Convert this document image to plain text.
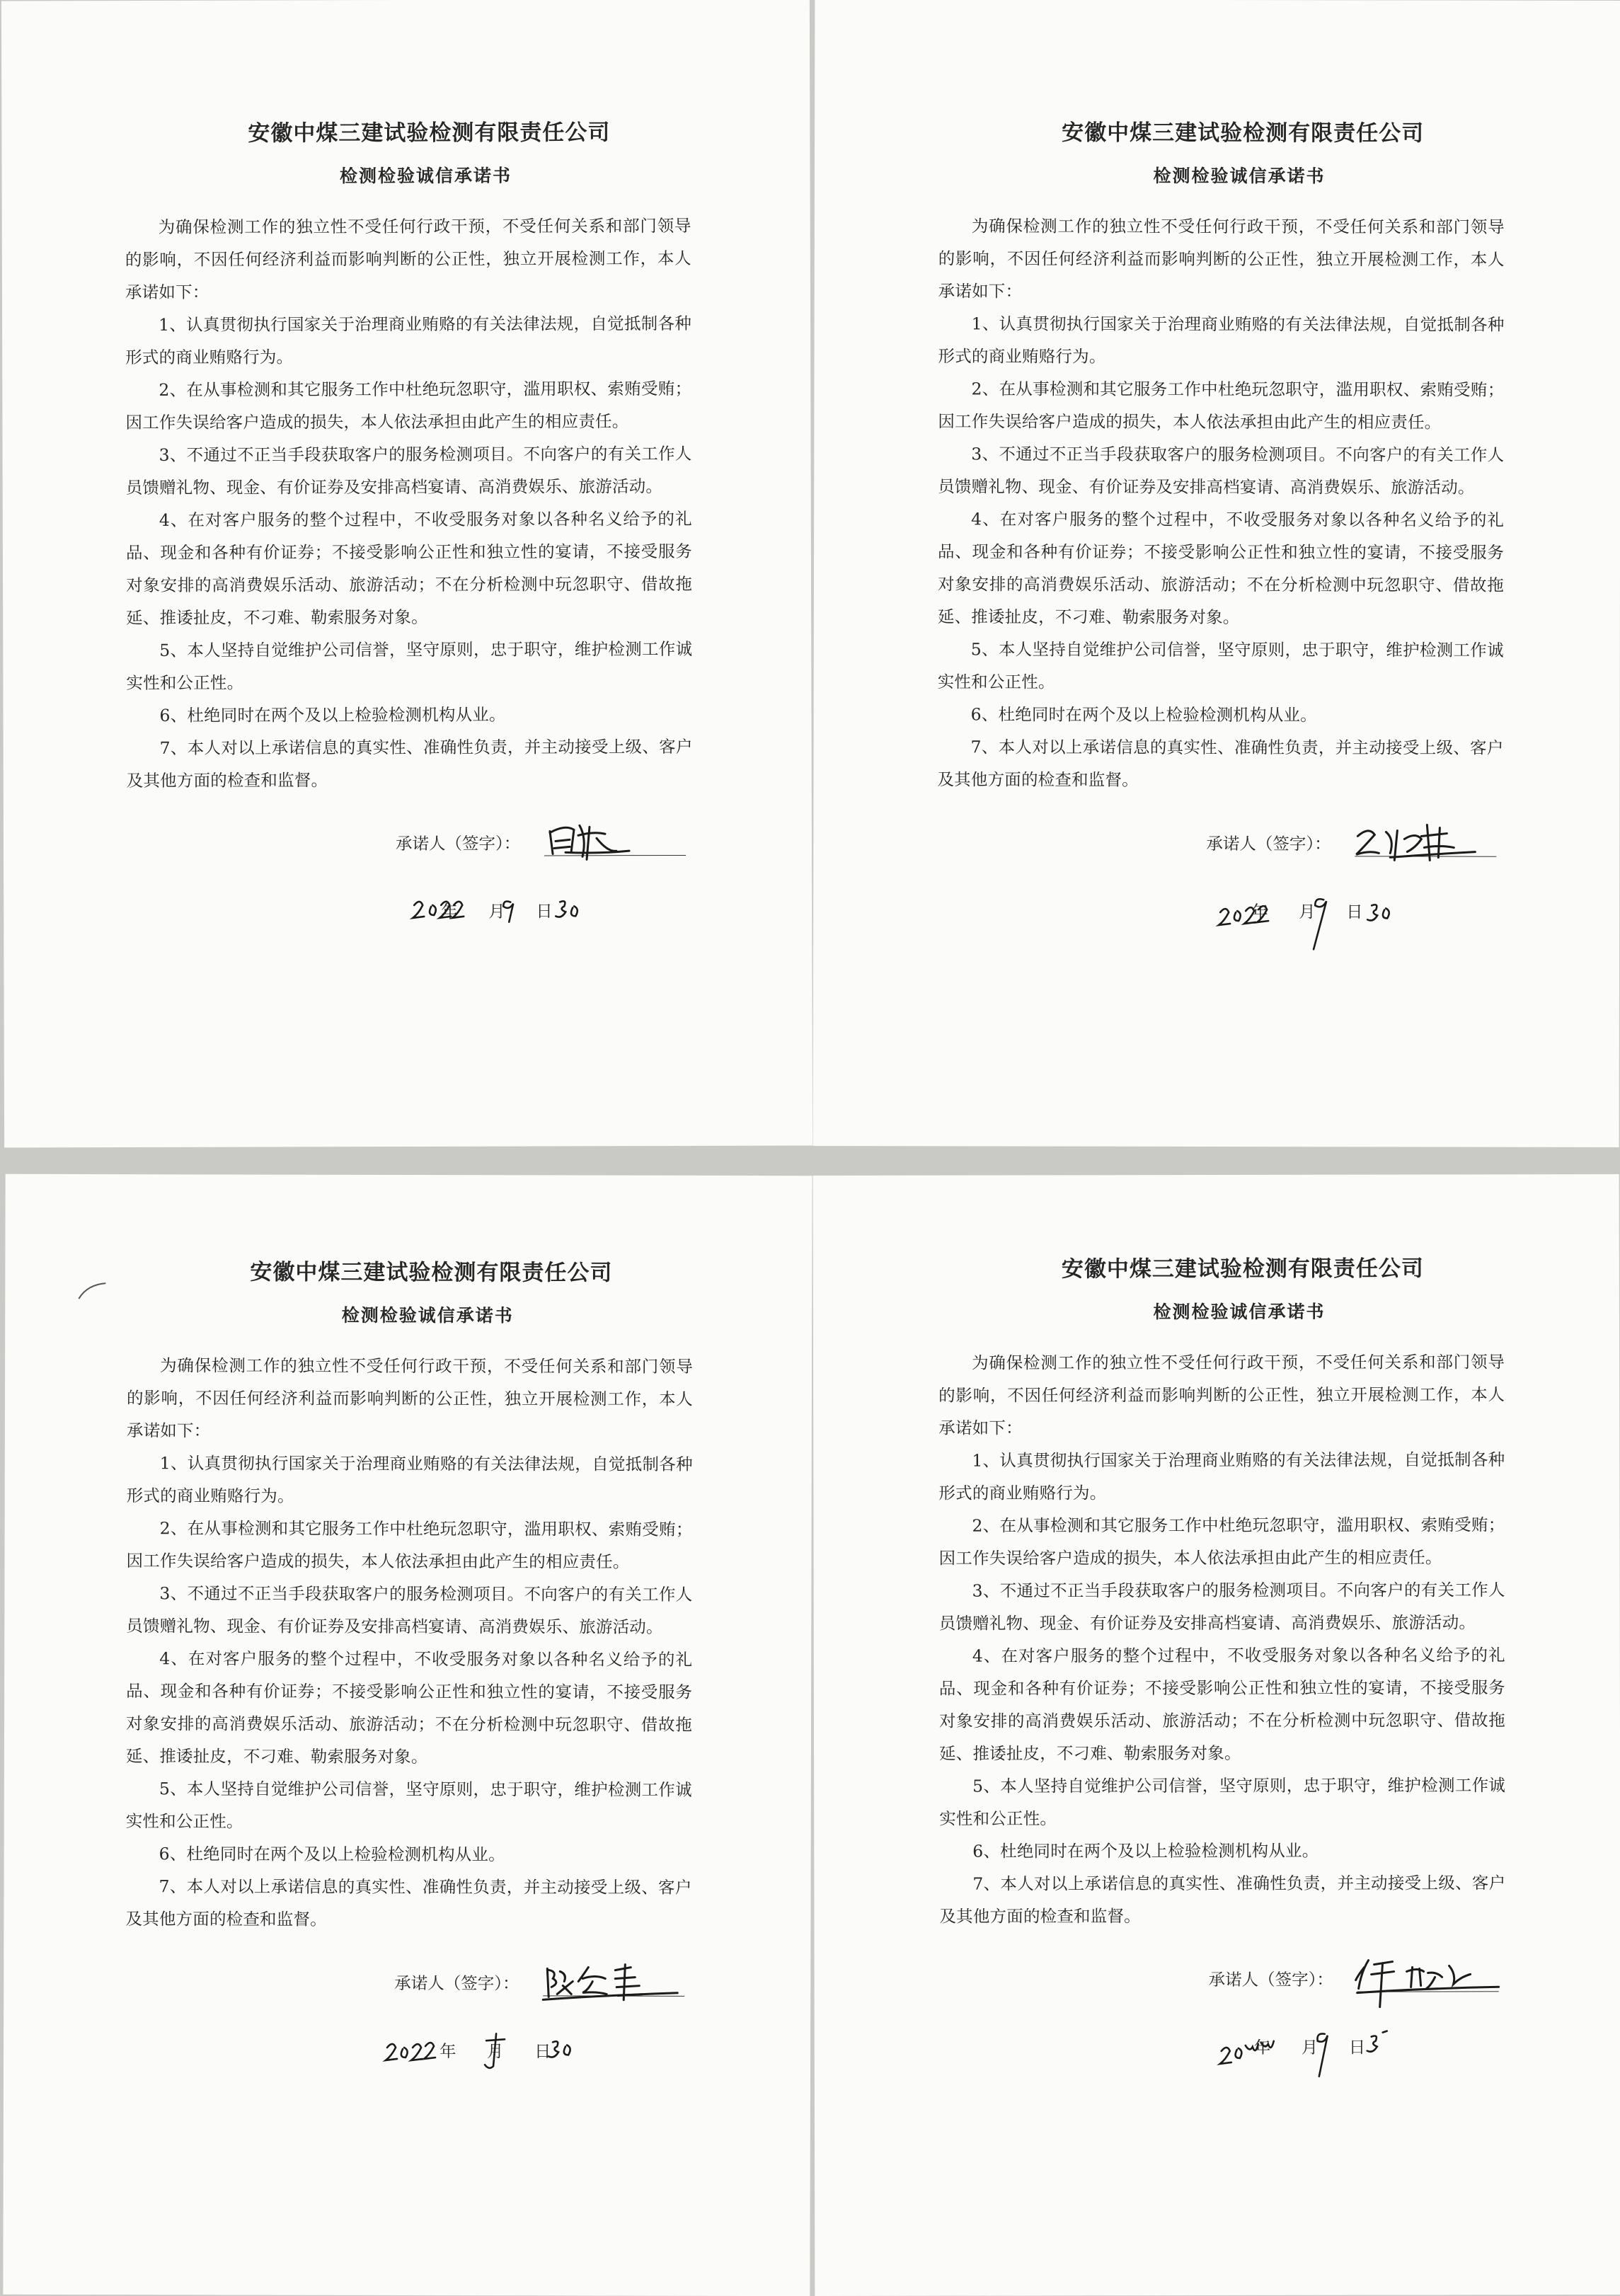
安徽中煤三建试验检测有限责任公司
检测检验诚信承诺书

为确保检测工作的独立性不受任何行政干预，不受任何关系和部门领导的影响，不因任何经济利益而影响判断的公正性，独立开展检测工作，本人承诺如下：

1、认真贯彻执行国家关于治理商业贿赂的有关法律法规，自觉抵制各种形式的商业贿赂行为。

2、在从事检测和其它服务工作中杜绝玩忽职守，滥用职权、索贿受贿；因工作失误给客户造成的损失，本人依法承担由此产生的相应责任。

3、不通过不正当手段获取客户的服务检测项目。不向客户的有关工作人员馈赠礼物、现金、有价证券及安排高档宴请、高消费娱乐、旅游活动。

4、在对客户服务的整个过程中，不收受服务对象以各种名义给予的礼品、现金和各种有价证券；不接受影响公正性和独立性的宴请，不接受服务对象安排的高消费娱乐活动、旅游活动；不在分析检测中玩忽职守、借故拖延、推诿扯皮，不刁难、勒索服务对象。

5、本人坚持自觉维护公司信誉，坚守原则，忠于职守，维护检测工作诚实性和公正性。

6、杜绝同时在两个及以上检验检测机构从业。

7、本人对以上承诺信息的真实性、准确性负责，并主动接受上级、客户及其他方面的检查和监督。

承诺人（签字）：
年 月 日
安徽中煤三建试验检测有限责任公司
检测检验诚信承诺书

为确保检测工作的独立性不受任何行政干预，不受任何关系和部门领导的影响，不因任何经济利益而影响判断的公正性，独立开展检测工作，本人承诺如下：

1、认真贯彻执行国家关于治理商业贿赂的有关法律法规，自觉抵制各种形式的商业贿赂行为。

2、在从事检测和其它服务工作中杜绝玩忽职守，滥用职权、索贿受贿；因工作失误给客户造成的损失，本人依法承担由此产生的相应责任。

3、不通过不正当手段获取客户的服务检测项目。不向客户的有关工作人员馈赠礼物、现金、有价证券及安排高档宴请、高消费娱乐、旅游活动。

4、在对客户服务的整个过程中，不收受服务对象以各种名义给予的礼品、现金和各种有价证券；不接受影响公正性和独立性的宴请，不接受服务对象安排的高消费娱乐活动、旅游活动；不在分析检测中玩忽职守、借故拖延、推诿扯皮，不刁难、勒索服务对象。

5、本人坚持自觉维护公司信誉，坚守原则，忠于职守，维护检测工作诚实性和公正性。

6、杜绝同时在两个及以上检验检测机构从业。

7、本人对以上承诺信息的真实性、准确性负责，并主动接受上级、客户及其他方面的检查和监督。

承诺人（签字）：
年 月 日
安徽中煤三建试验检测有限责任公司
检测检验诚信承诺书

为确保检测工作的独立性不受任何行政干预，不受任何关系和部门领导的影响，不因任何经济利益而影响判断的公正性，独立开展检测工作，本人承诺如下：

1、认真贯彻执行国家关于治理商业贿赂的有关法律法规，自觉抵制各种形式的商业贿赂行为。

2、在从事检测和其它服务工作中杜绝玩忽职守，滥用职权、索贿受贿；因工作失误给客户造成的损失，本人依法承担由此产生的相应责任。

3、不通过不正当手段获取客户的服务检测项目。不向客户的有关工作人员馈赠礼物、现金、有价证券及安排高档宴请、高消费娱乐、旅游活动。

4、在对客户服务的整个过程中，不收受服务对象以各种名义给予的礼品、现金和各种有价证券；不接受影响公正性和独立性的宴请，不接受服务对象安排的高消费娱乐活动、旅游活动；不在分析检测中玩忽职守、借故拖延、推诿扯皮，不刁难、勒索服务对象。

5、本人坚持自觉维护公司信誉，坚守原则，忠于职守，维护检测工作诚实性和公正性。

6、杜绝同时在两个及以上检验检测机构从业。

7、本人对以上承诺信息的真实性、准确性负责，并主动接受上级、客户及其他方面的检查和监督。

承诺人（签字）：
年 月 日
安徽中煤三建试验检测有限责任公司
检测检验诚信承诺书

为确保检测工作的独立性不受任何行政干预，不受任何关系和部门领导的影响，不因任何经济利益而影响判断的公正性，独立开展检测工作，本人承诺如下：

1、认真贯彻执行国家关于治理商业贿赂的有关法律法规，自觉抵制各种形式的商业贿赂行为。

2、在从事检测和其它服务工作中杜绝玩忽职守，滥用职权、索贿受贿；因工作失误给客户造成的损失，本人依法承担由此产生的相应责任。

3、不通过不正当手段获取客户的服务检测项目。不向客户的有关工作人员馈赠礼物、现金、有价证券及安排高档宴请、高消费娱乐、旅游活动。

4、在对客户服务的整个过程中，不收受服务对象以各种名义给予的礼品、现金和各种有价证券；不接受影响公正性和独立性的宴请，不接受服务对象安排的高消费娱乐活动、旅游活动；不在分析检测中玩忽职守、借故拖延、推诿扯皮，不刁难、勒索服务对象。

5、本人坚持自觉维护公司信誉，坚守原则，忠于职守，维护检测工作诚实性和公正性。

6、杜绝同时在两个及以上检验检测机构从业。

7、本人对以上承诺信息的真实性、准确性负责，并主动接受上级、客户及其他方面的检查和监督。

承诺人（签字）：
年 月 日
